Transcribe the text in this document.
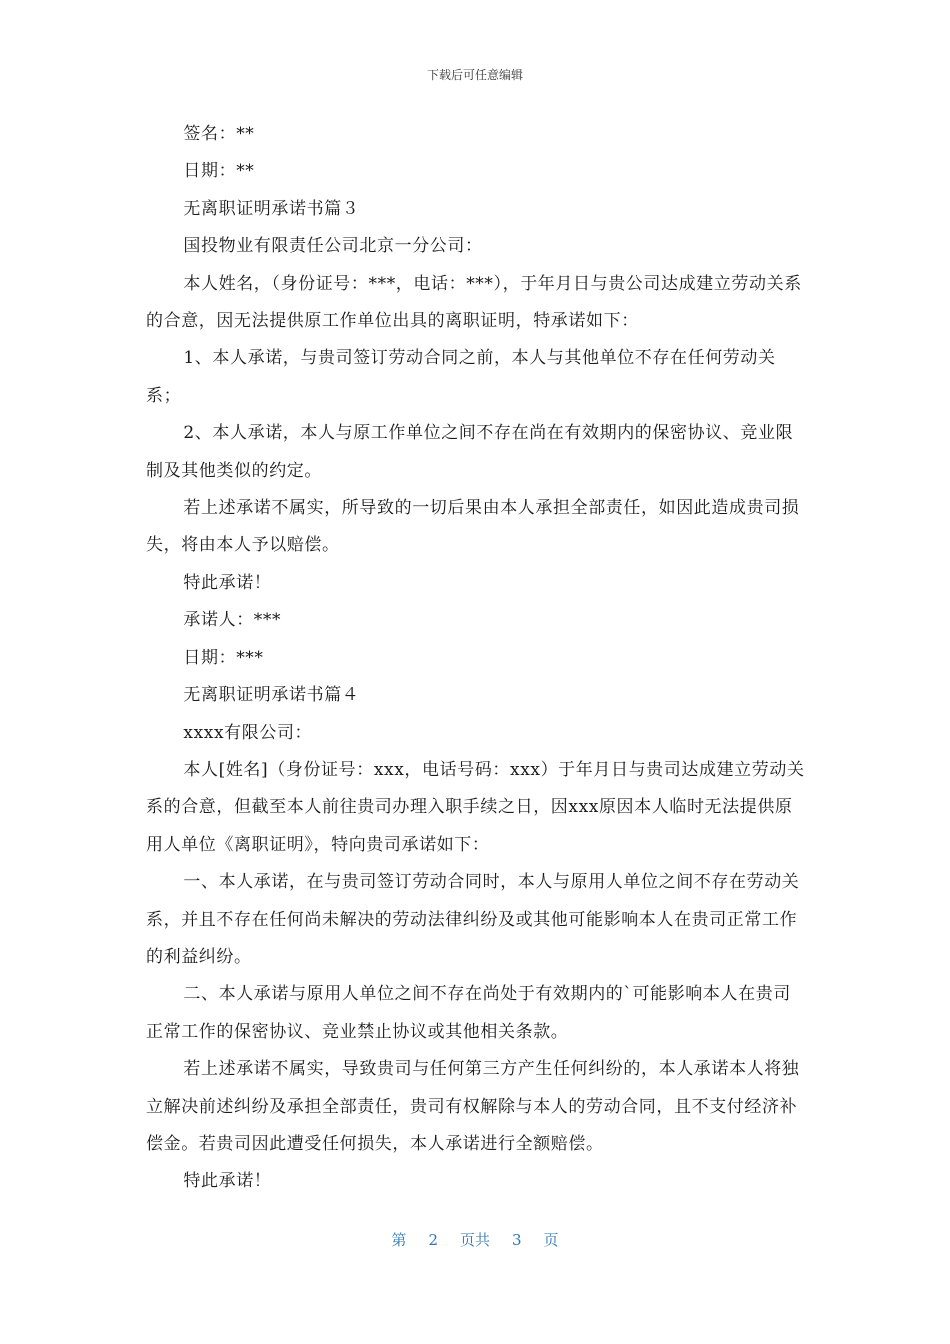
下载后可任意编辑

签名：**

日期：**

无离职证明承诺书篇３

国投物业有限责任公司北京一分公司：

本人姓名，（身份证号：***，电话：***），于年月日与贵公司达成建立劳动关系的合意，因无法提供原工作单位出具的离职证明，特承诺如下：

1、本人承诺，与贵司签订劳动合同之前，本人与其他单位不存在任何劳动关系；

2、本人承诺，本人与原工作单位之间不存在尚在有效期内的保密协议、竞业限制及其他类似的约定。

若上述承诺不属实，所导致的一切后果由本人承担全部责任，如因此造成贵司损失，将由本人予以赔偿。

特此承诺！

承诺人：***

日期：***

无离职证明承诺书篇４

xxxx有限公司：

本人[姓名]（身份证号：xxx，电话号码：xxx）于年月日与贵司达成建立劳动关系的合意，但截至本人前往贵司办理入职手续之日，因xxx原因本人临时无法提供原用人单位《离职证明》，特向贵司承诺如下：

一、本人承诺，在与贵司签订劳动合同时，本人与原用人单位之间不存在劳动关系，并且不存在任何尚未解决的劳动法律纠纷及或其他可能影响本人在贵司正常工作的利益纠纷。

二、本人承诺与原用人单位之间不存在尚处于有效期内的`可能影响本人在贵司正常工作的保密协议、竞业禁止协议或其他相关条款。

若上述承诺不属实，导致贵司与任何第三方产生任何纠纷的，本人承诺本人将独立解决前述纠纷及承担全部责任，贵司有权解除与本人的劳动合同，且不支付经济补偿金。若贵司因此遭受任何损失，本人承诺进行全额赔偿。

特此承诺！

第 2 页共 3 页
